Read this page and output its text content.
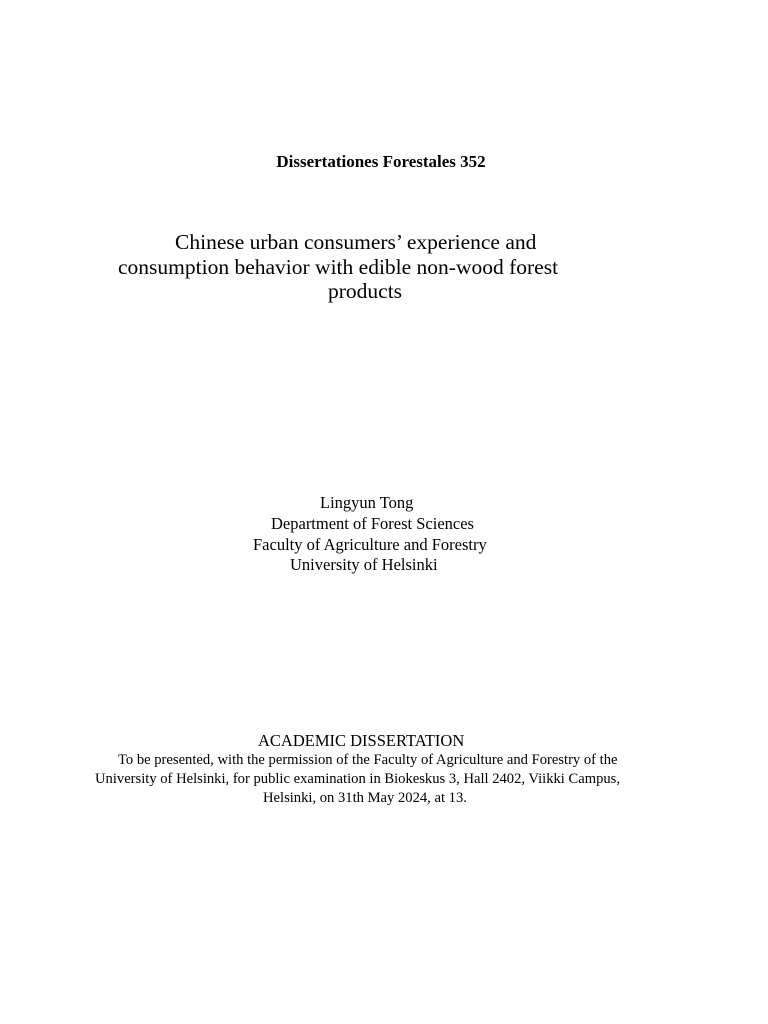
Dissertationes Forestales 352
Chinese urban consumers’ experience and
consumption behavior with edible non-wood forest
products
Lingyun Tong
Department of Forest Sciences
Faculty of Agriculture and Forestry
University of Helsinki
ACADEMIC DISSERTATION
To be presented, with the permission of the Faculty of Agriculture and Forestry of the
University of Helsinki, for public examination in Biokeskus 3, Hall 2402, Viikki Campus,
Helsinki, on 31th May 2024, at 13.
